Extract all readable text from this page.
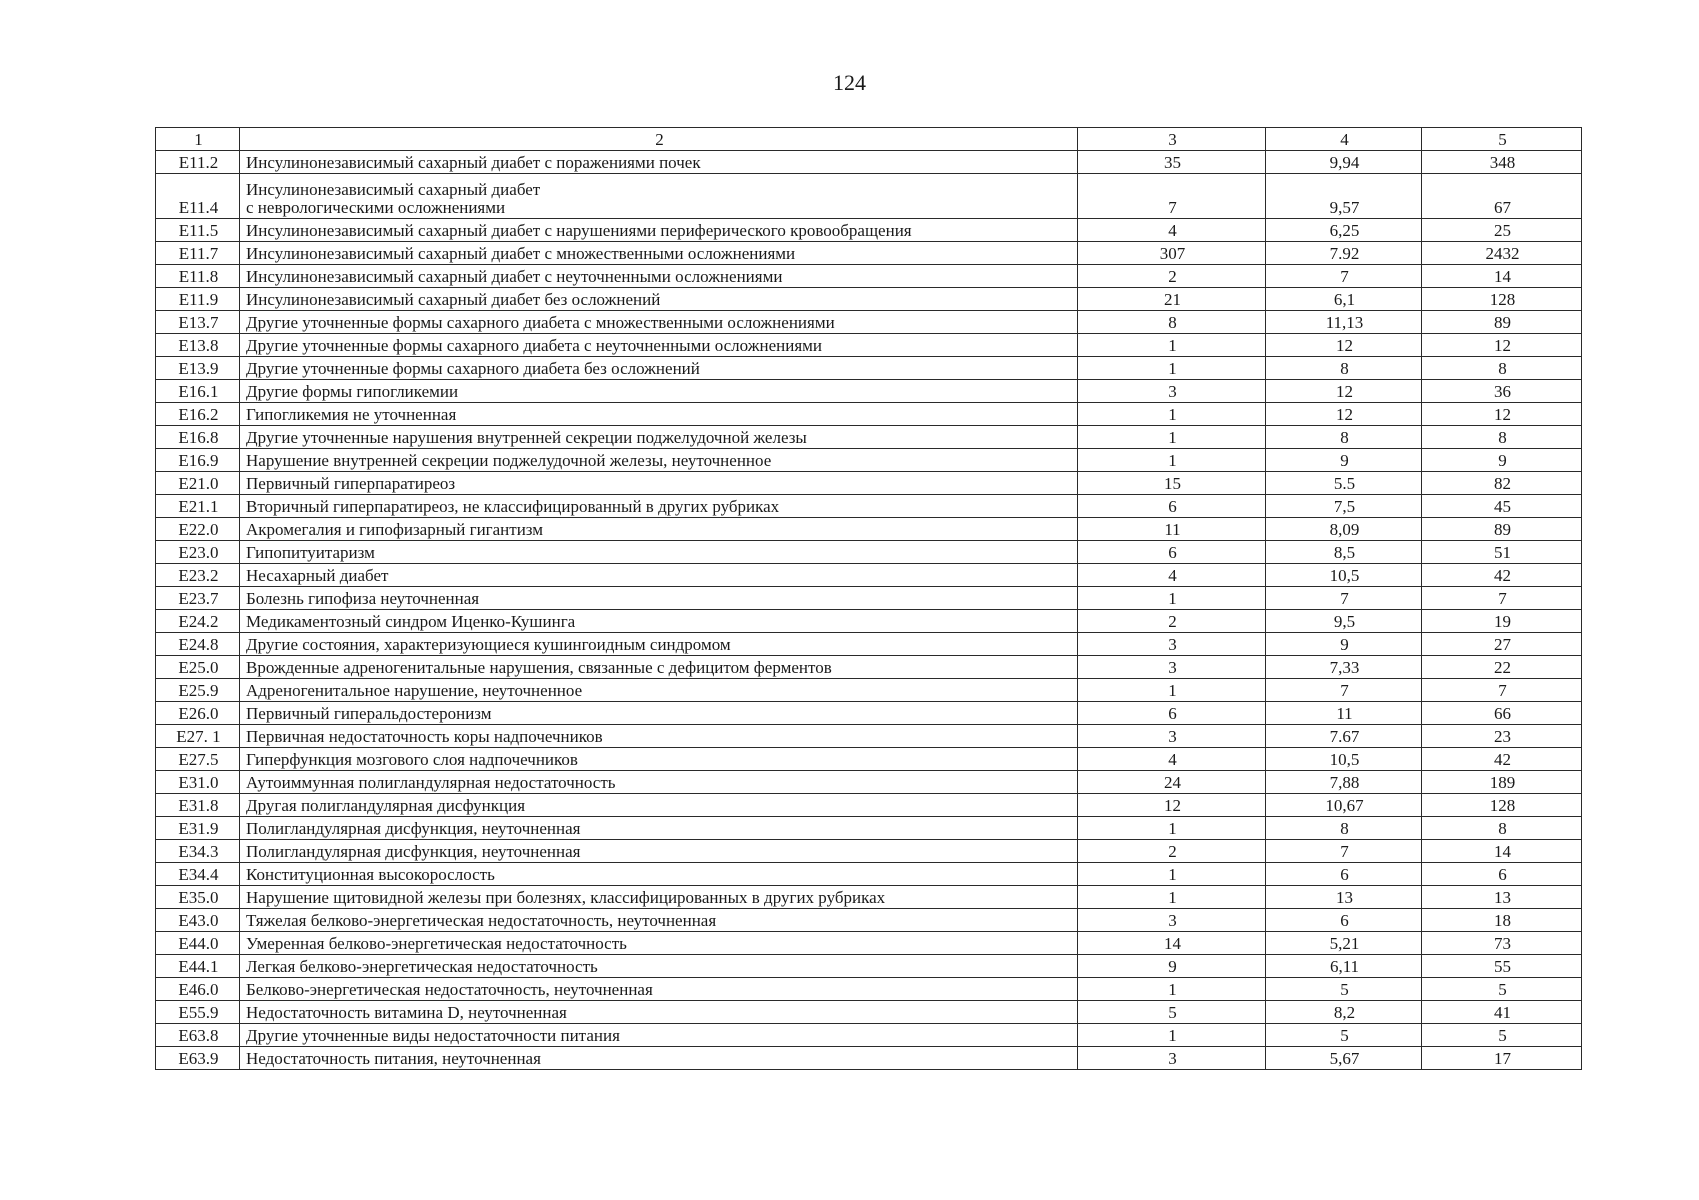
124
1	2	3	4	5
E11.2	Инсулинонезависимый сахарный диабет с поражениями почек	35	9,94	348
E11.4	Инсулинонезависимый сахарный диабет
с неврологическими осложнениями	7	9,57	67
E11.5	Инсулинонезависимый сахарный диабет с нарушениями периферического кровообращения	4	6,25	25
E11.7	Инсулинонезависимый сахарный диабет с множественными осложнениями	307	7.92	2432
E11.8	Инсулинонезависимый сахарный диабет с неуточненными осложнениями	2	7	14
E11.9	Инсулинонезависимый сахарный диабет без осложнений	21	6,1	128
E13.7	Другие уточненные формы сахарного диабета с множественными осложнениями	8	11,13	89
E13.8	Другие уточненные формы сахарного диабета с неуточненными осложнениями	1	12	12
E13.9	Другие уточненные формы сахарного диабета без осложнений	1	8	8
E16.1	Другие формы гипогликемии	3	12	36
E16.2	Гипогликемия не уточненная	1	12	12
E16.8	Другие уточненные нарушения внутренней секреции поджелудочной железы	1	8	8
E16.9	Нарушение внутренней секреции поджелудочной железы, неуточненное	1	9	9
E21.0	Первичный гиперпаратиреоз	15	5.5	82
E21.1	Вторичный гиперпаратиреоз, не классифицированный в других рубриках	6	7,5	45
E22.0	Акромегалия и гипофизарный гигантизм	11	8,09	89
E23.0	Гипопитуитаризм	6	8,5	51
E23.2	Несахарный диабет	4	10,5	42
E23.7	Болезнь гипофиза неуточненная	1	7	7
E24.2	Медикаментозный синдром Иценко-Кушинга	2	9,5	19
E24.8	Другие состояния, характеризующиеся кушингоидным синдромом	3	9	27
E25.0	Врожденные адреногенитальные нарушения, связанные с дефицитом ферментов	3	7,33	22
E25.9	Адреногенитальное нарушение, неуточненное	1	7	7
E26.0	Первичный гиперальдостеронизм	6	11	66
E27. 1	Первичная недостаточность коры надпочечников	3	7.67	23
E27.5	Гиперфункция мозгового слоя надпочечников	4	10,5	42
E31.0	Аутоиммунная полигландулярная недостаточность	24	7,88	189
E31.8	Другая полигландулярная дисфункция	12	10,67	128
E31.9	Полигландулярная дисфункция, неуточненная	1	8	8
E34.3	Полигландулярная дисфункция, неуточненная	2	7	14
E34.4	Конституционная высокорослость	1	6	6
E35.0	Нарушение щитовидной железы при болезнях, классифицированных в других рубриках	1	13	13
E43.0	Тяжелая белково-энергетическая недостаточность, неуточненная	3	6	18
E44.0	Умеренная белково-энергетическая недостаточность	14	5,21	73
E44.1	Легкая белково-энергетическая недостаточность	9	6,11	55
E46.0	Белково-энергетическая недостаточность, неуточненная	1	5	5
E55.9	Недостаточность витамина D, неуточненная	5	8,2	41
E63.8	Другие уточненные виды недостаточности питания	1	5	5
E63.9	Недостаточность питания, неуточненная	3	5,67	17
